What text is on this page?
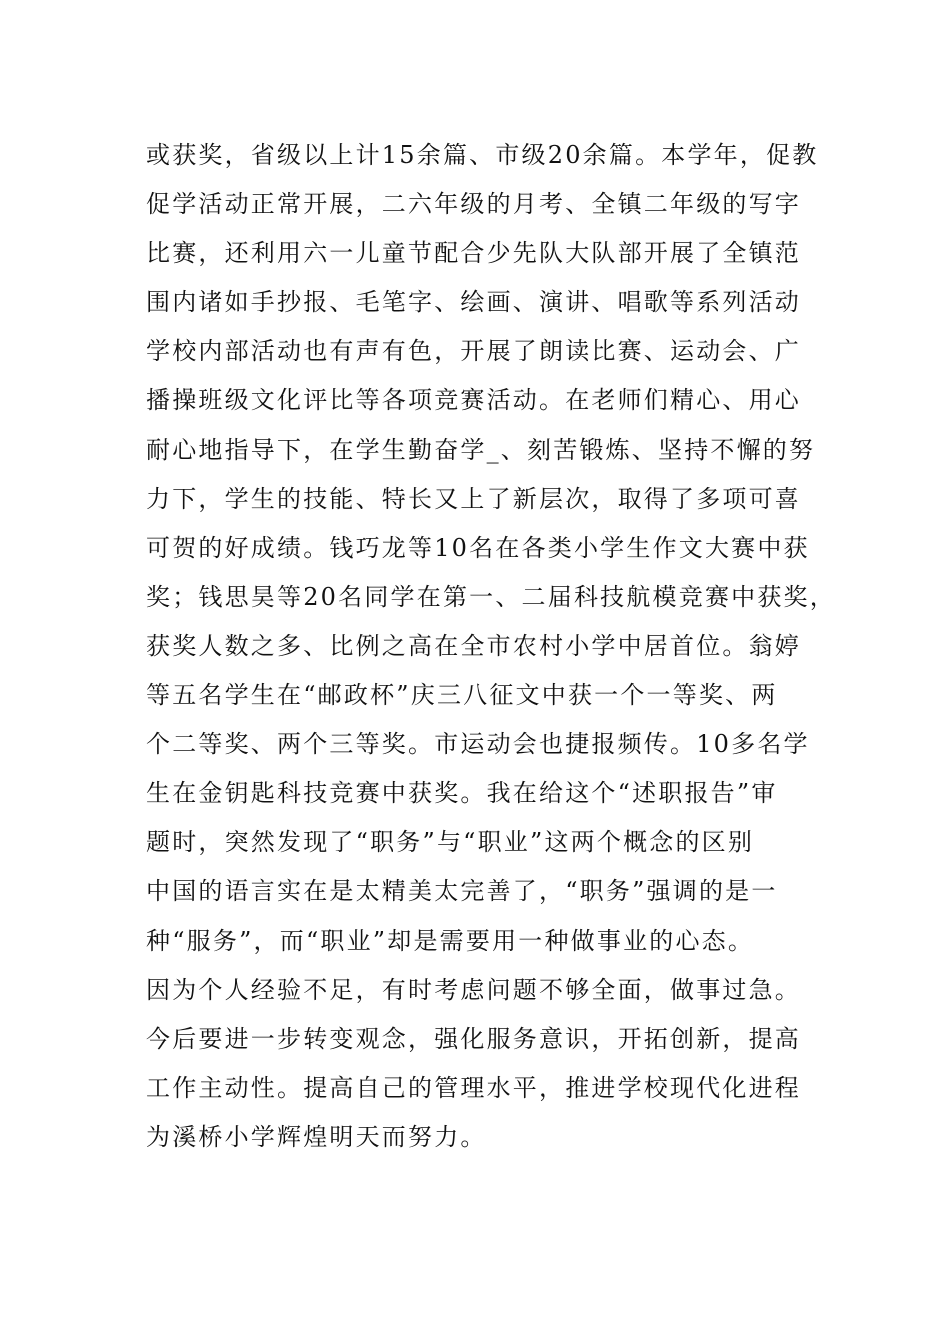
或获奖，省级以上计15余篇、市级20余篇。本学年，促教
促学活动正常开展，二六年级的月考、全镇二年级的写字
比赛，还利用六一儿童节配合少先队大队部开展了全镇范
围内诸如手抄报、毛笔字、绘画、演讲、唱歌等系列活动
学校内部活动也有声有色，开展了朗读比赛、运动会、广
播操班级文化评比等各项竞赛活动。在老师们精心、用心
耐心地指导下，在学生勤奋学_、刻苦锻炼、坚持不懈的努
力下，学生的技能、特长又上了新层次，取得了多项可喜
可贺的好成绩。钱巧龙等10名在各类小学生作文大赛中获
奖；钱思昊等20名同学在第一、二届科技航模竞赛中获奖，
获奖人数之多、比例之高在全市农村小学中居首位。翁婷
等五名学生在“邮政杯”庆三八征文中获一个一等奖、两
个二等奖、两个三等奖。市运动会也捷报频传。10多名学
生在金钥匙科技竞赛中获奖。我在给这个“述职报告”审
题时，突然发现了“职务”与“职业”这两个概念的区别
中国的语言实在是太精美太完善了，“职务”强调的是一
种“服务”，而“职业”却是需要用一种做事业的心态。
因为个人经验不足，有时考虑问题不够全面，做事过急。
今后要进一步转变观念，强化服务意识，开拓创新，提高
工作主动性。提高自己的管理水平，推进学校现代化进程
为溪桥小学辉煌明天而努力。
